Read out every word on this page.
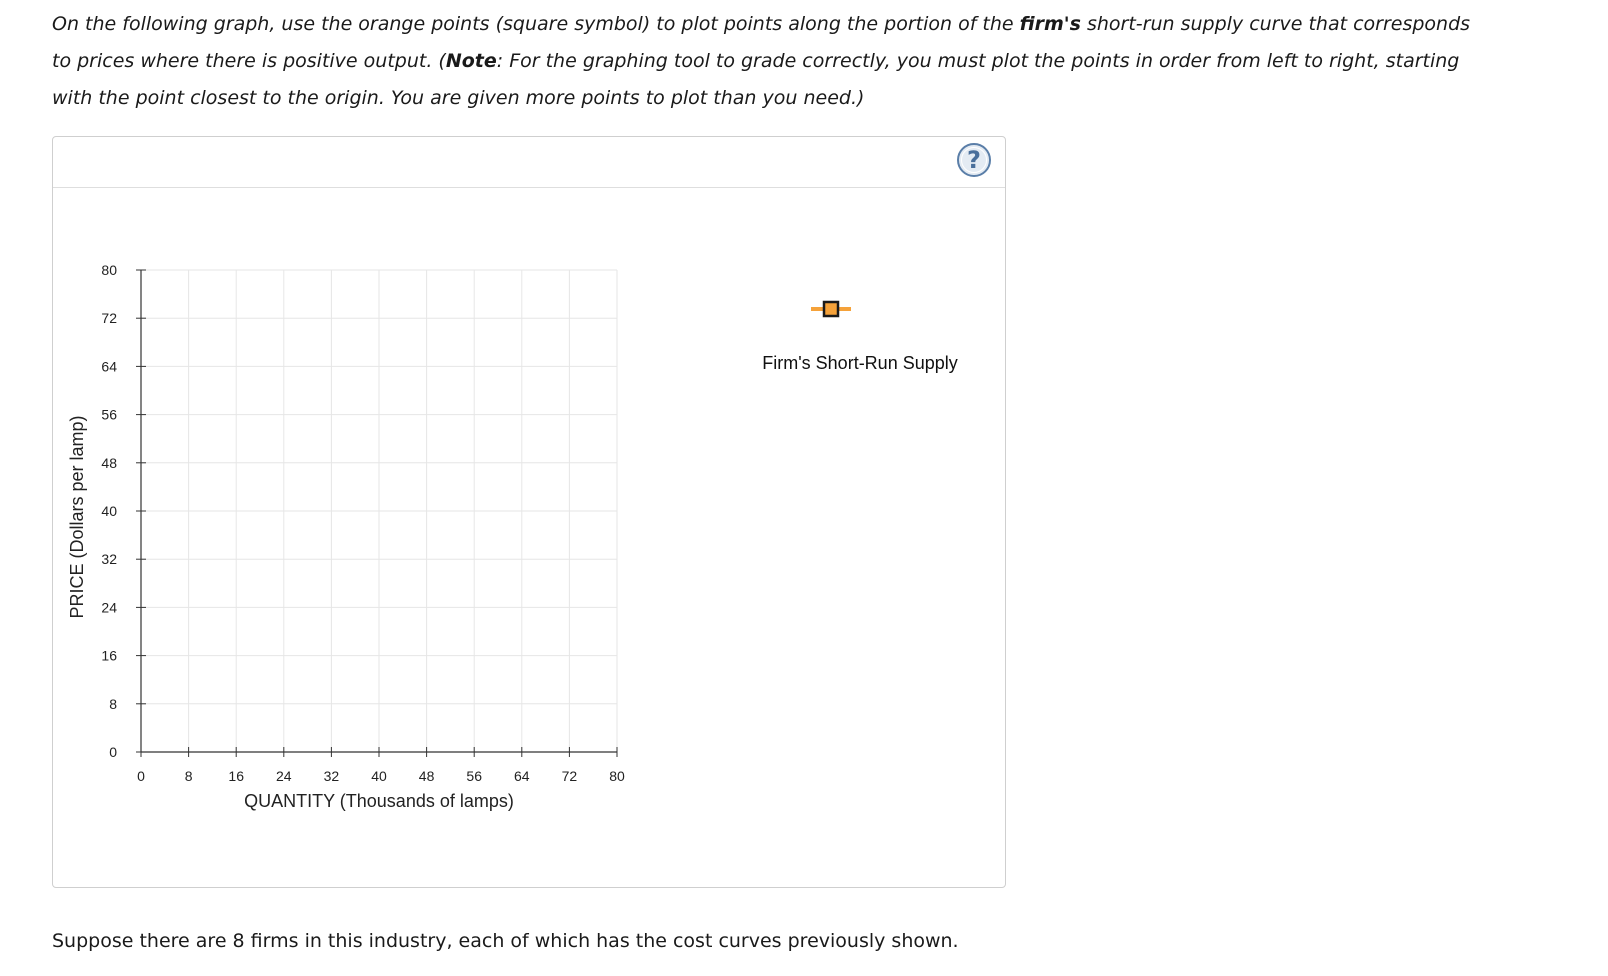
On the following graph, use the orange points (square symbol) to plot points along the portion of the firm's short-run supply curve that corresponds to prices where there is positive output. (Note: For the graphing tool to grade correctly, you must plot the points in order from left to right, starting with the point closest to the origin. You are given more points to plot than you need.)

?
0
8
16
24
32
40
48
56
64
72
80
0	8	16 24 32 40 48 56 64 72 80
QUANTITY (Thousands of lamps)
PRICE (Dollars per lamp)
Firm's Short-Run Supply

Suppose there are 8 firms in this industry, each of which has the cost curves previously shown.
